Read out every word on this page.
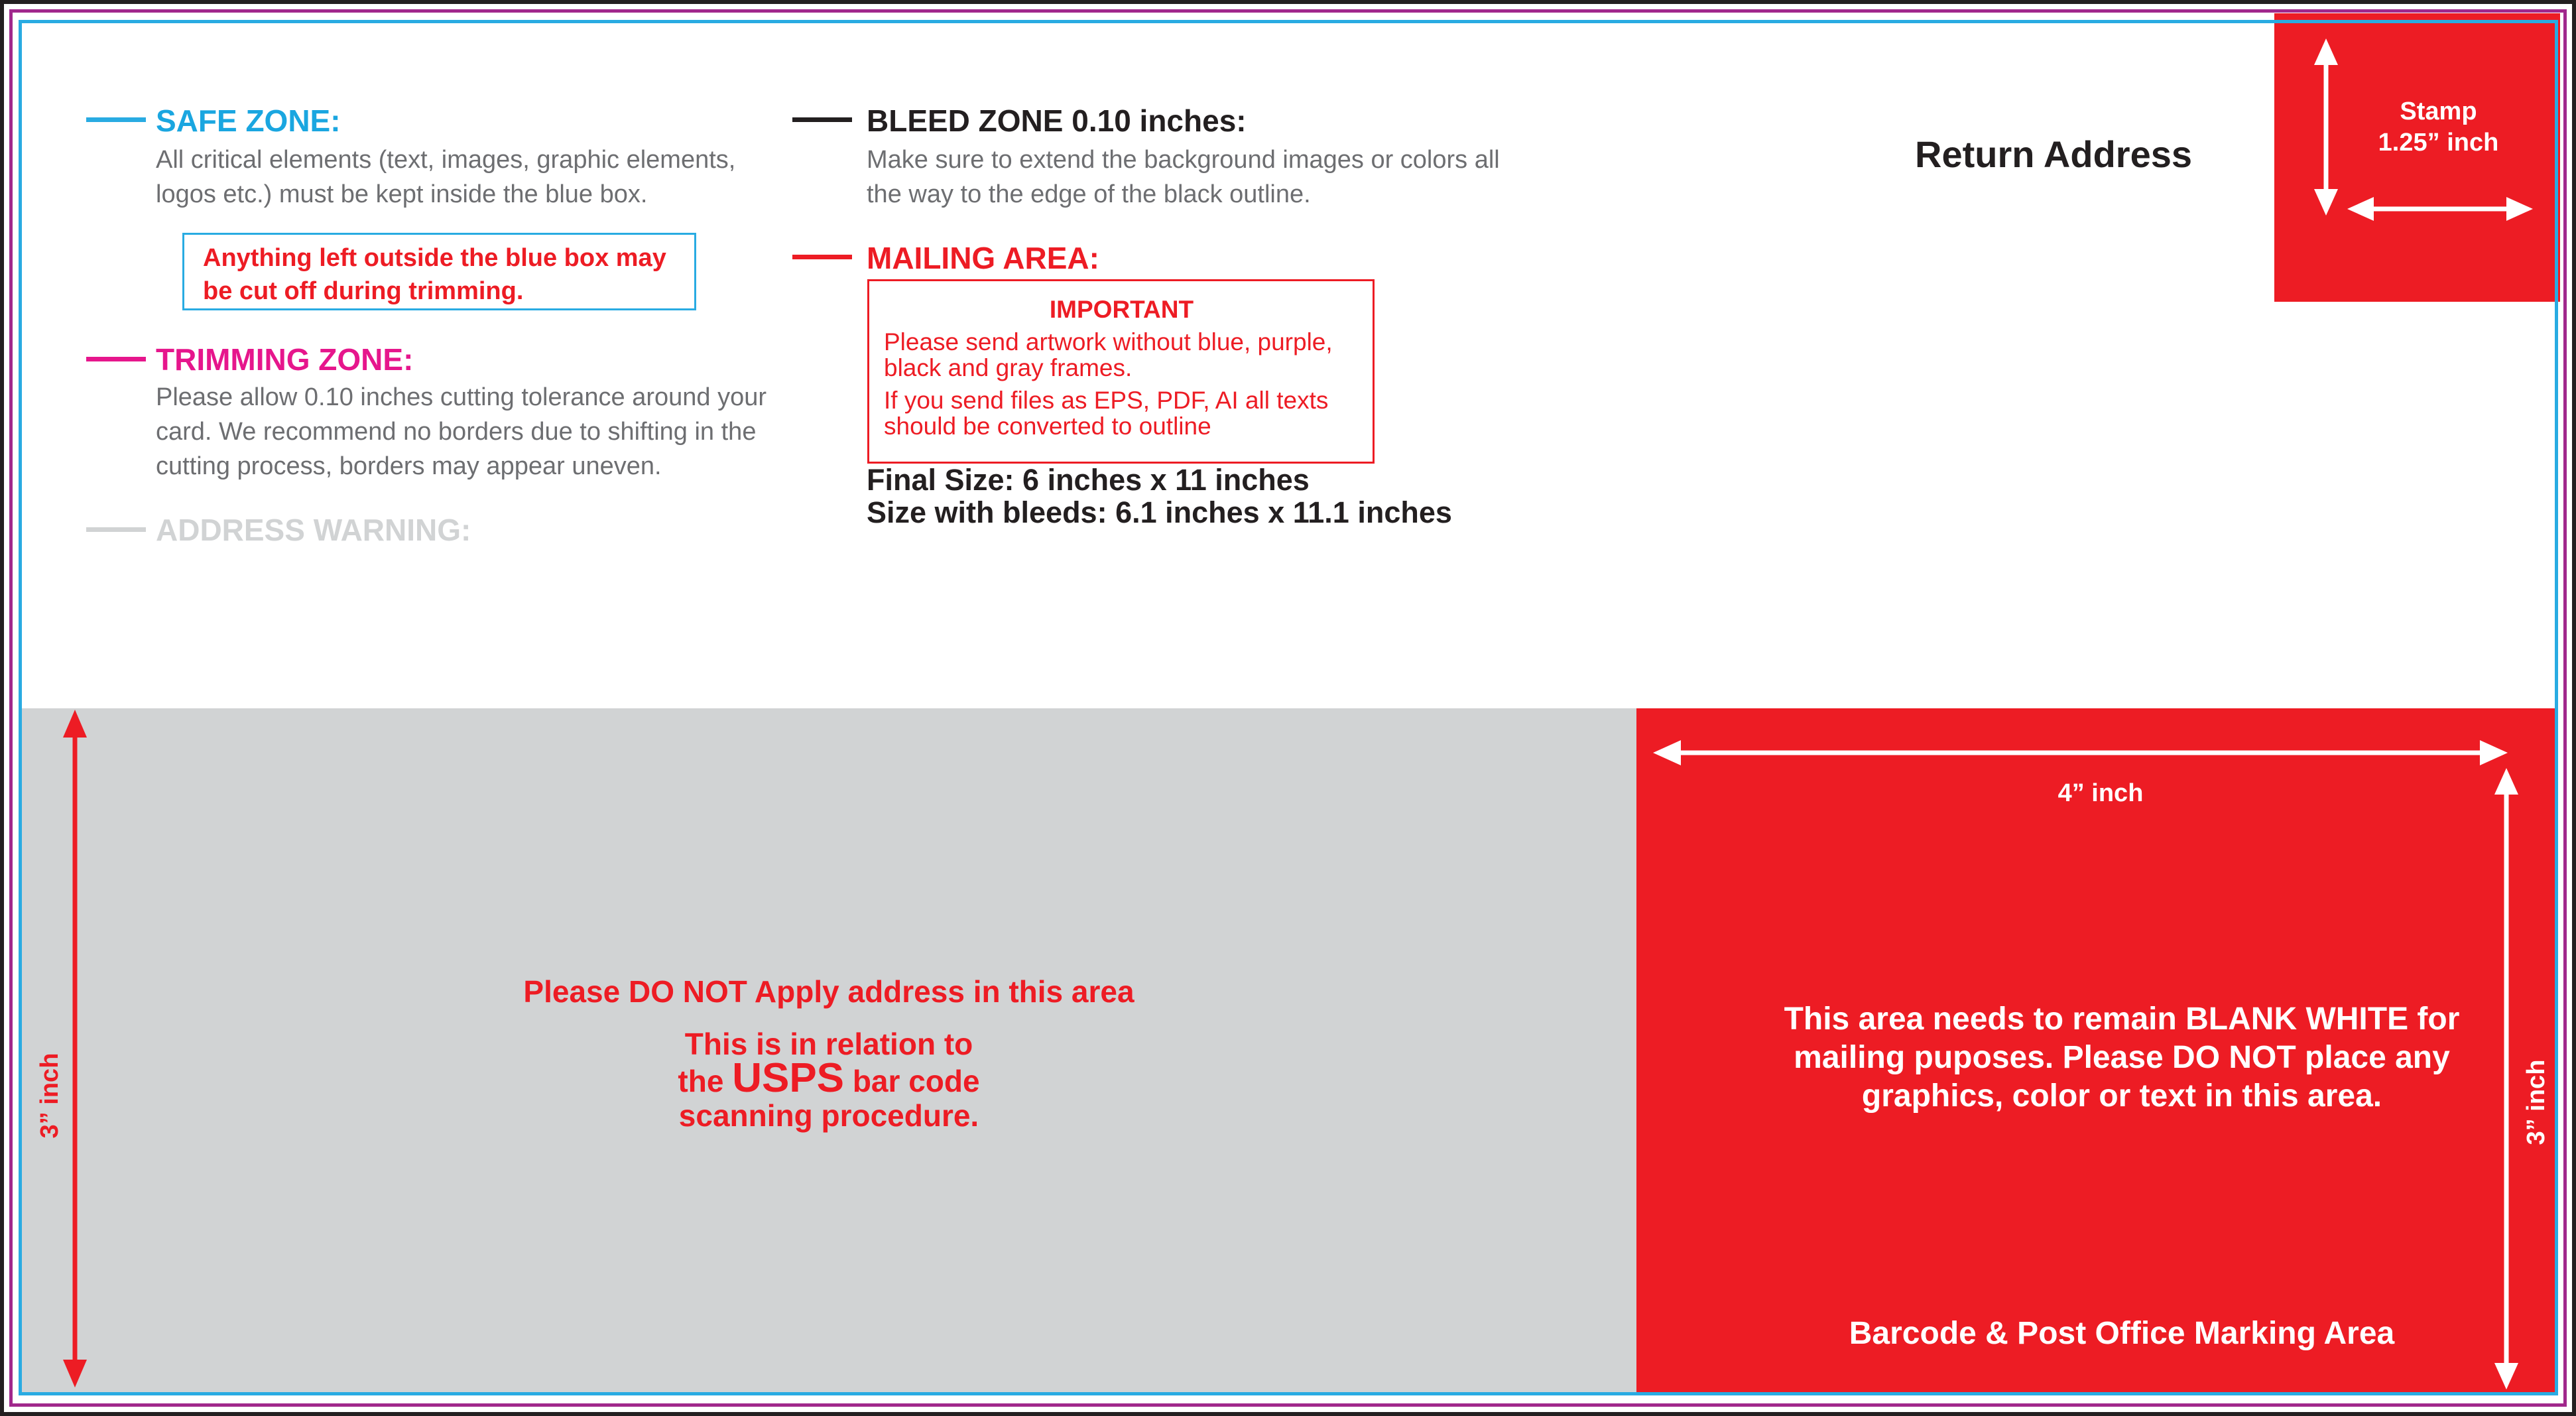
SAFE ZONE:
All critical elements (text, images, graphic elements, logos etc.) must be kept inside the blue box.
Anything left outside the blue box may be cut off during trimming.
TRIMMING ZONE:
Please allow 0.10 inches cutting tolerance around your card. We recommend no borders due to shifting in the cutting process, borders may appear uneven.
ADDRESS WARNING:
BLEED ZONE 0.10 inches:
Make sure to extend the background images or colors all the way to the edge of the black outline.
MAILING AREA:
IMPORTANT
Please send artwork without blue, purple, black and gray frames.
If you send files as EPS, PDF, AI all texts should be converted to outline
Final Size: 6 inches x 11 inches
Size with bleeds: 6.1 inches x 11.1 inches
Return Address
Stamp
1.25” inch
Please DO NOT Apply address in this area
This is in relation to
the USPS bar code
scanning procedure.
3” inch
4” inch
3” inch
This area needs to remain BLANK WHITE for mailing puposes. Please DO NOT place any graphics, color or text in this area.
Barcode & Post Office Marking Area
